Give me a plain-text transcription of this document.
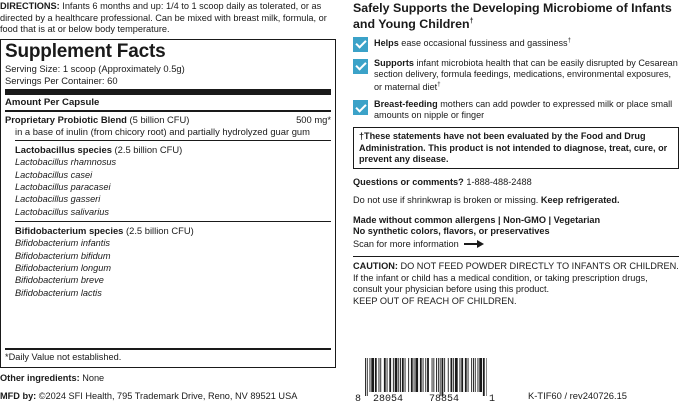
DIRECTIONS: Infants 6 months and up: 1/4 to 1 scoop daily as tolerated, or as directed by a healthcare professional. Can be mixed with breast milk, formula, or food that is at or below body temperature.
Supplement Facts
Serving Size: 1 scoop (Approximately 0.5g)
Servings Per Container: 60
Amount Per Capsule
Proprietary Probiotic Blend (5 billion CFU)	500 mg*
in a base of inulin (from chicory root) and partially hydrolyzed guar gum
Lactobacillus species (2.5 billion CFU)
Lactobacillus rhamnosus
Lactobacillus casei
Lactobacillus paracasei
Lactobacillus gasseri
Lactobacillus salivarius
Bifidobacterium species (2.5 billion CFU)
Bifidobacterium infantis
Bifidobacterium bifidum
Bifidobacterium longum
Bifidobacterium breve
Bifidobacterium lactis
*Daily Value not established.
Other ingredients: None
MFD by: ©2024 SFI Health, 795 Trademark Drive, Reno, NV 89521 USA
Safely Supports the Developing Microbiome of Infants and Young Children†
Helps ease occasional fussiness and gassiness†
Supports infant microbiota health that can be easily disrupted by Cesarean section delivery, formula feedings, medications, environmental exposures, or maternal diet†
Breast-feeding mothers can add powder to expressed milk or place small amounts on nipple or finger
†These statements have not been evaluated by the Food and Drug Administration. This product is not intended to diagnose, treat, cure, or prevent any disease.
Questions or comments? 1-888-488-2488
Do not use if shrinkwrap is broken or missing. Keep refrigerated.
Made without common allergens | Non-GMO | Vegetarian
No synthetic colors, flavors, or preservatives
Scan for more information
CAUTION: DO NOT FEED POWDER DIRECTLY TO INFANTS OR CHILDREN. If the infant or child has a medical condition, or taking prescription drugs, consult your physician before using this product.
KEEP OUT OF REACH OF CHILDREN.
8 28054	78854	1	K-TIF60 / rev240726.15
